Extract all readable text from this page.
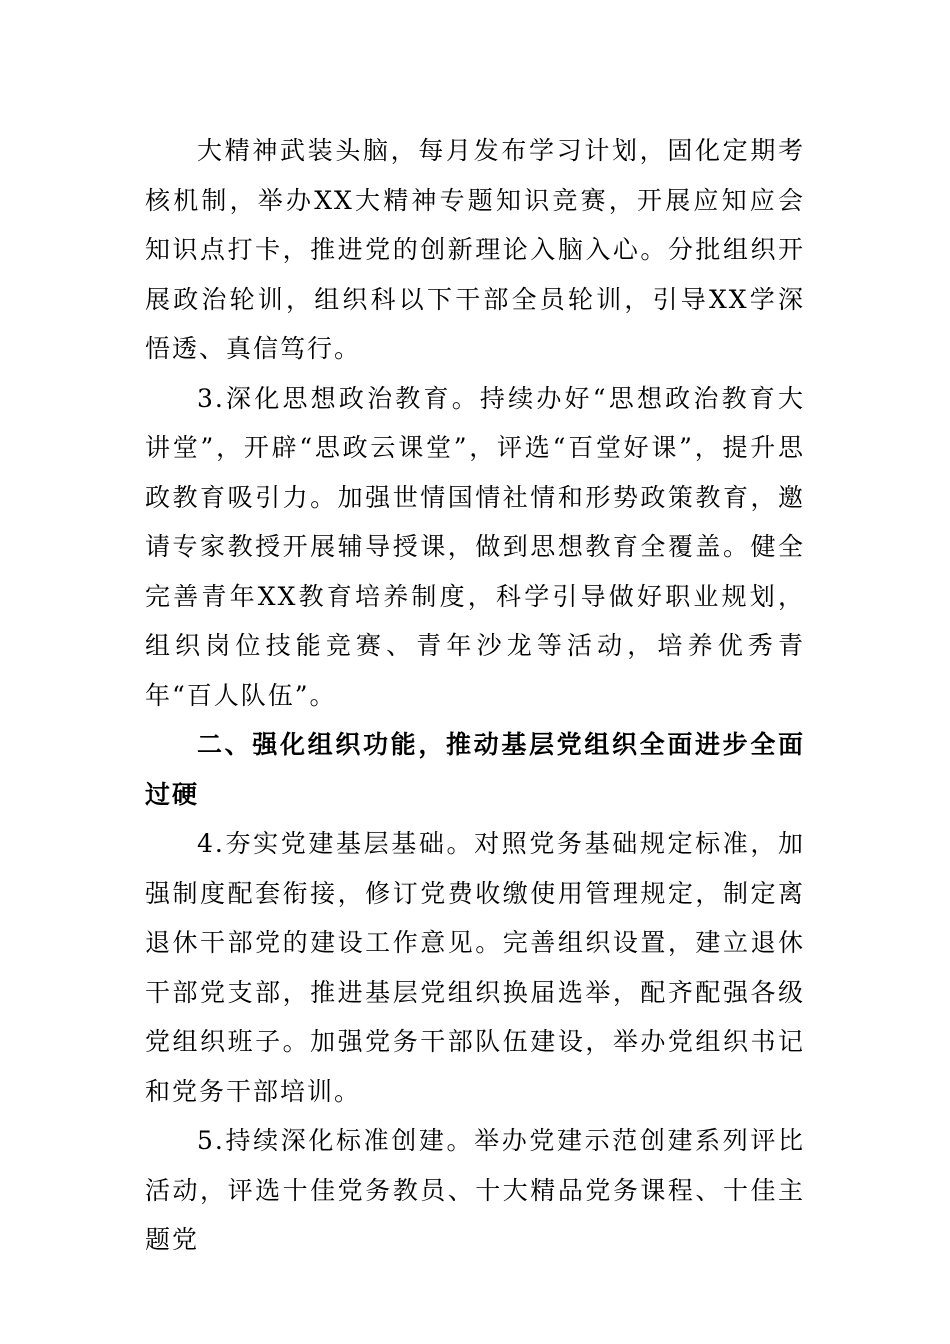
大精神武装头脑，每月发布学习计划，固化定期考核机制，举办XX大精神专题知识竞赛，开展应知应会知识点打卡，推进党的创新理论入脑入心。分批组织开展政治轮训，组织科以下干部全员轮训，引导XX学深悟透、真信笃行。

3.深化思想政治教育。持续办好“思想政治教育大讲堂”，开辟“思政云课堂”，评选“百堂好课”，提升思政教育吸引力。加强世情国情社情和形势政策教育，邀请专家教授开展辅导授课，做到思想教育全覆盖。健全完善青年XX教育培养制度，科学引导做好职业规划，组织岗位技能竞赛、青年沙龙等活动，培养优秀青年“百人队伍”。

二、强化组织功能，推动基层党组织全面进步全面过硬

4.夯实党建基层基础。对照党务基础规定标准，加强制度配套衔接，修订党费收缴使用管理规定，制定离退休干部党的建设工作意见。完善组织设置，建立退休干部党支部，推进基层党组织换届选举，配齐配强各级党组织班子。加强党务干部队伍建设，举办党组织书记和党务干部培训。

5.持续深化标准创建。举办党建示范创建系列评比活动，评选十佳党务教员、十大精品党务课程、十佳主题党
